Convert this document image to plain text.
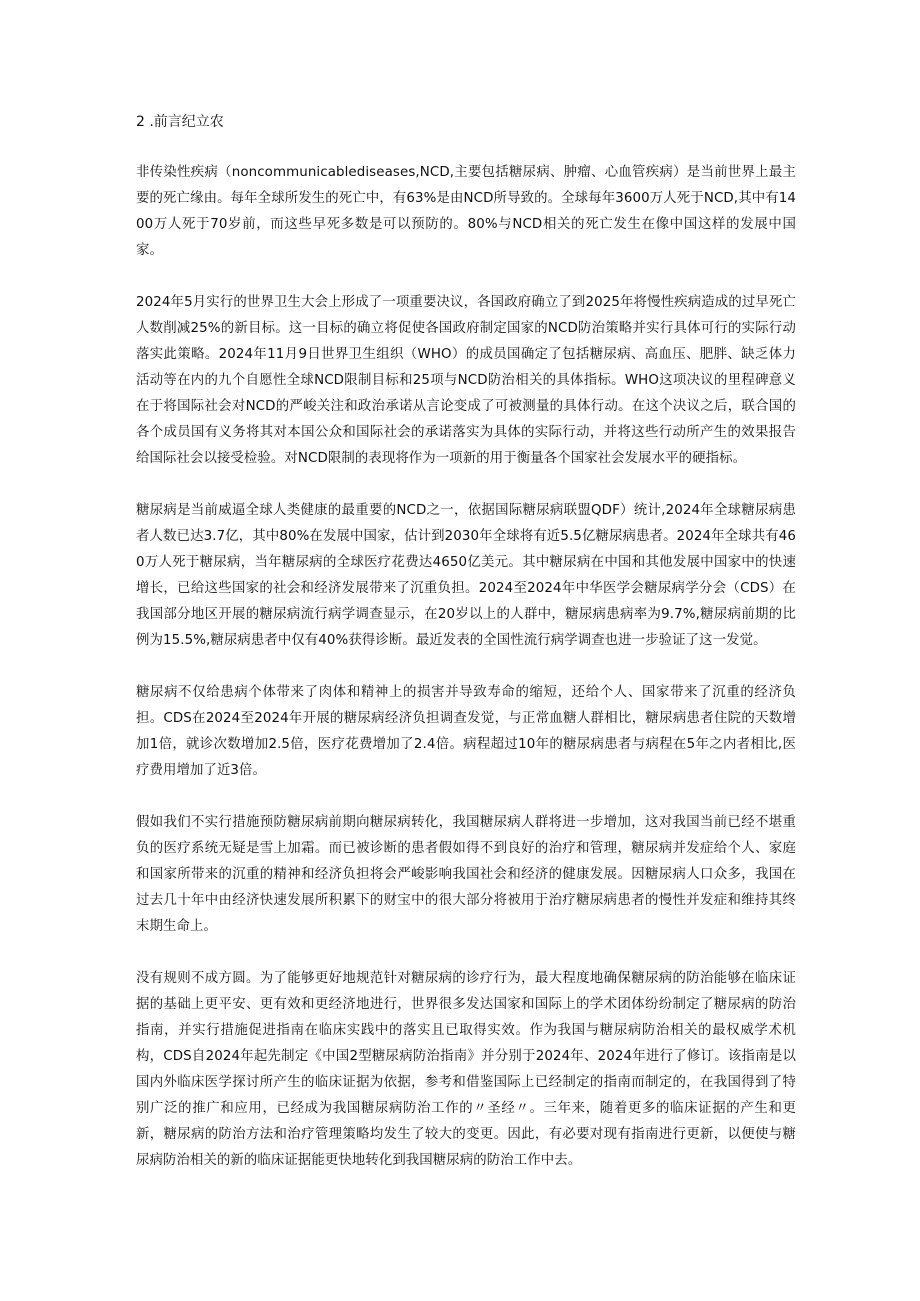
2 .前言纪立农

非传染性疾病（noncommunicablediseases,NCD,主要包括糖尿病、肿瘤、心血管疾病）是当前世界上最主要的死亡缘由。每年全球所发生的死亡中，有63%是由NCD所导致的。全球每年3600万人死于NCD,其中有1400万人死于70岁前，而这些早死多数是可以预防的。80%与NCD相关的死亡发生在像中国这样的发展中国家。

2024年5月实行的世界卫生大会上形成了一项重要决议，各国政府确立了到2025年将慢性疾病造成的过早死亡人数削减25%的新目标。这一目标的确立将促使各国政府制定国家的NCD防治策略并实行具体可行的实际行动落实此策略。2024年11月9日世界卫生组织（WHO）的成员国确定了包括糖尿病、高血压、肥胖、缺乏体力活动等在内的九个自愿性全球NCD限制目标和25项与NCD防治相关的具体指标。WHO这项决议的里程碑意义在于将国际社会对NCD的严峻关注和政治承诺从言论变成了可被测量的具体行动。在这个决议之后，联合国的各个成员国有义务将其对本国公众和国际社会的承诺落实为具体的实际行动，并将这些行动所产生的效果报告给国际社会以接受检验。对NCD限制的表现将作为一项新的用于衡量各个国家社会发展水平的硬指标。

糖尿病是当前威逼全球人类健康的最重要的NCD之一，依据国际糖尿病联盟QDF）统计,2024年全球糖尿病患者人数已达3.7亿，其中80%在发展中国家，估计到2030年全球将有近5.5亿糖尿病患者。2024年全球共有460万人死于糖尿病，当年糖尿病的全球医疗花费达4650亿美元。其中糖尿病在中国和其他发展中国家中的快速增长，已给这些国家的社会和经济发展带来了沉重负担。2024至2024年中华医学会糖尿病学分会（CDS）在我国部分地区开展的糖尿病流行病学调查显示，在20岁以上的人群中，糖尿病患病率为9.7%,糖尿病前期的比例为15.5%,糖尿病患者中仅有40%获得诊断。最近发表的全国性流行病学调查也进一步验证了这一发觉。

糖尿病不仅给患病个体带来了肉体和精神上的损害并导致寿命的缩短，还给个人、国家带来了沉重的经济负担。CDS在2024至2024年开展的糖尿病经济负担调查发觉，与正常血糖人群相比，糖尿病患者住院的天数增加1倍，就诊次数增加2.5倍，医疗花费增加了2.4倍。病程超过10年的糖尿病患者与病程在5年之内者相比,医疗费用增加了近3倍。

假如我们不实行措施预防糖尿病前期向糖尿病转化，我国糖尿病人群将进一步增加，这对我国当前已经不堪重负的医疗系统无疑是雪上加霜。而已被诊断的患者假如得不到良好的治疗和管理，糖尿病并发症给个人、家庭和国家所带来的沉重的精神和经济负担将会严峻影响我国社会和经济的健康发展。因糖尿病人口众多，我国在过去几十年中由经济快速发展所积累下的财宝中的很大部分将被用于治疗糖尿病患者的慢性并发症和维持其终末期生命上。

没有规则不成方圆。为了能够更好地规范针对糖尿病的诊疗行为，最大程度地确保糖尿病的防治能够在临床证据的基础上更平安、更有效和更经济地进行，世界很多发达国家和国际上的学术团体纷纷制定了糖尿病的防治指南，并实行措施促进指南在临床实践中的落实且已取得实效。作为我国与糖尿病防治相关的最权威学术机构，CDS自2024年起先制定《中国2型糖尿病防治指南》并分别于2024年、2024年进行了修订。该指南是以国内外临床医学探讨所产生的临床证据为依据，参考和借鉴国际上已经制定的指南而制定的，在我国得到了特别广泛的推广和应用，已经成为我国糖尿病防治工作的〃圣经〃。三年来，随着更多的临床证据的产生和更新，糖尿病的防治方法和治疗管理策略均发生了较大的变更。因此，有必要对现有指南进行更新，以便使与糖尿病防治相关的新的临床证据能更快地转化到我国糖尿病的防治工作中去。
